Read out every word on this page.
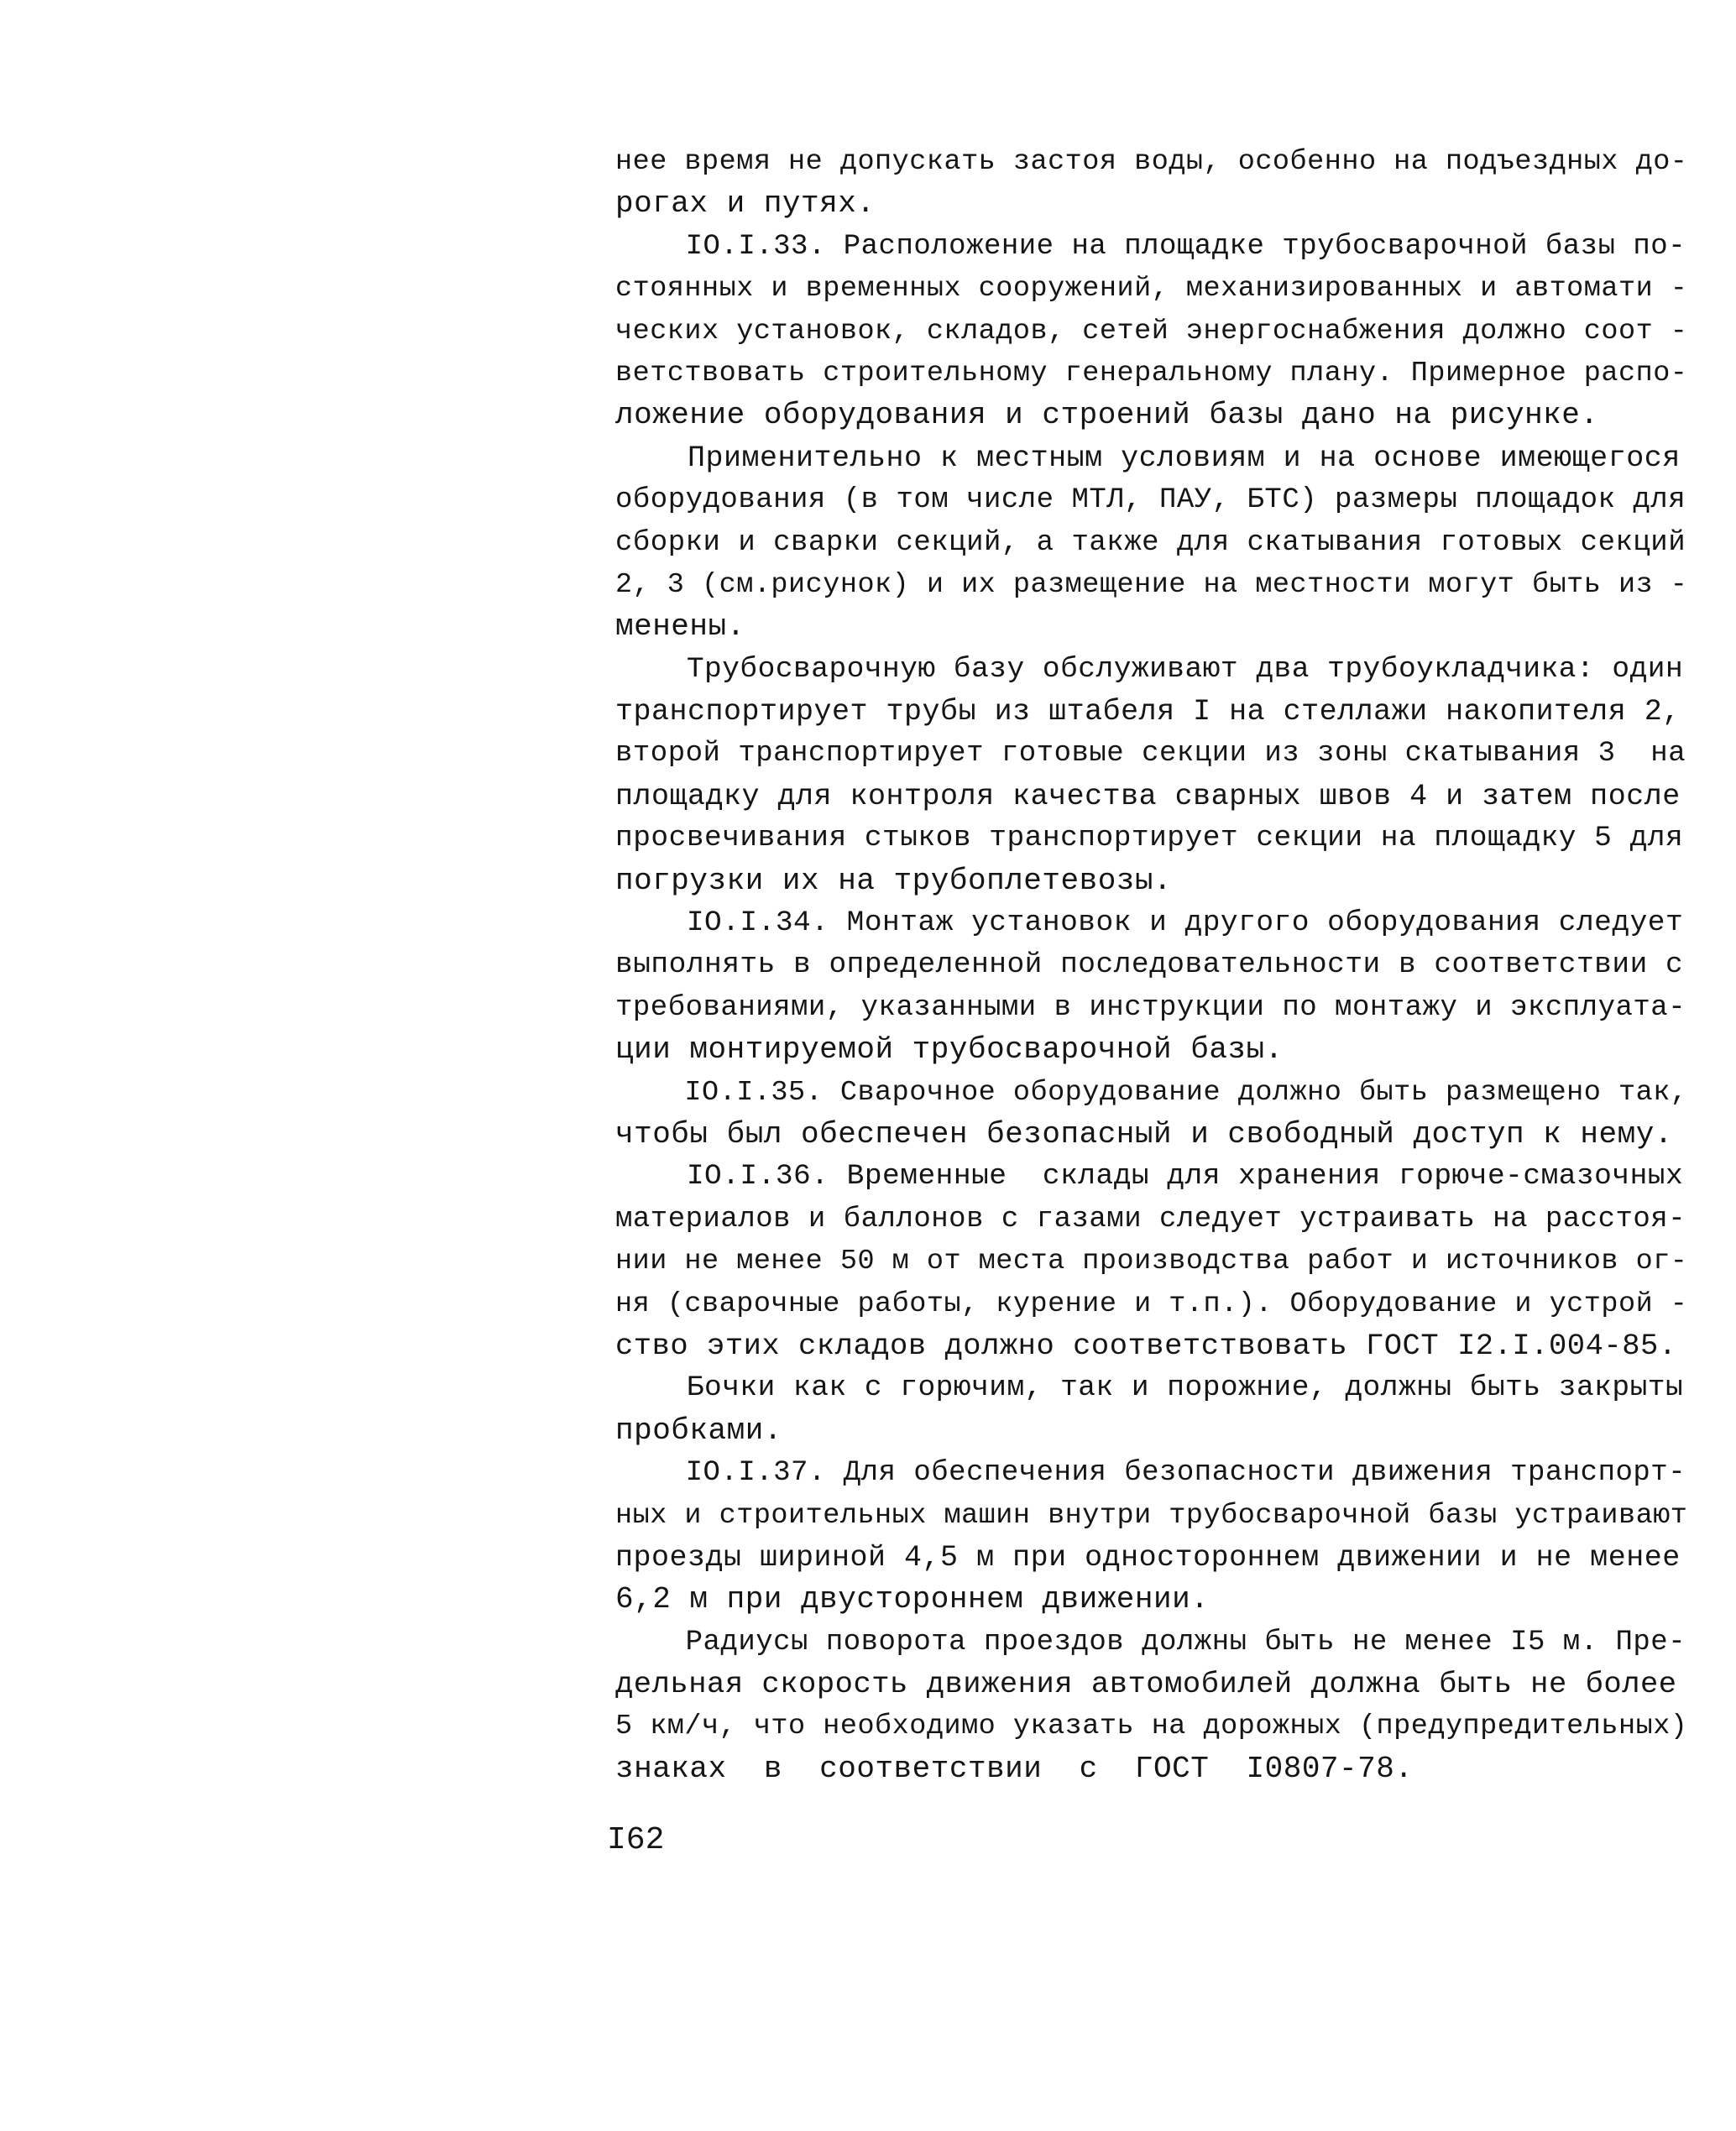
нее время не допускать застоя воды, особенно на подъездных до-
рогах и путях.
IO.I.33. Расположение на площадке трубосварочной базы по-
стоянных и временных сооружений, механизированных и автомати -
ческих установок, складов, сетей энергоснабжения должно соот -
ветствовать строительному генеральному плану. Примерное распо-
ложение оборудования и строений базы дано на рисунке.
Применительно к местным условиям и на основе имеющегося
оборудования (в том числе МТЛ, ПАУ, БТС) размеры площадок для
сборки и сварки секций, а также для скатывания готовых секций
2, 3 (см.рисунок) и их размещение на местности могут быть из -
менены.
Трубосварочную базу обслуживают два трубоукладчика: один
транспортирует трубы из штабеля I на стеллажи накопителя 2,
второй транспортирует готовые секции из зоны скатывания 3  на
площадку для контроля качества сварных швов 4 и затем после
просвечивания стыков транспортирует секции на площадку 5 для
погрузки их на трубоплетевозы.
IO.I.34. Монтаж установок и другого оборудования следует
выполнять в определенной последовательности в соответствии с
требованиями, указанными в инструкции по монтажу и эксплуата-
ции монтируемой трубосварочной базы.
IO.I.35. Сварочное оборудование должно быть размещено так,
чтобы был обеспечен безопасный и свободный доступ к нему.
IO.I.36. Временные  склады для хранения горюче-смазочных
материалов и баллонов с газами следует устраивать на расстоя-
нии не менее 50 м от места производства работ и источников ог-
ня (сварочные работы, курение и т.п.). Оборудование и устрой -
ство этих складов должно соответствовать ГОСТ I2.I.004-85.
Бочки как с горючим, так и порожние, должны быть закрыты
пробками.
IO.I.37. Для обеспечения безопасности движения транспорт-
ных и строительных машин внутри трубосварочной базы устраивают
проезды шириной 4,5 м при одностороннем движении и не менее
6,2 м при двустороннем движении.
Радиусы поворота проездов должны быть не менее I5 м. Пре-
дельная скорость движения автомобилей должна быть не более
5 км/ч, что необходимо указать на дорожных (предупредительных)
знаках  в  соответствии  с  ГОСТ  I0807-78.
I62
